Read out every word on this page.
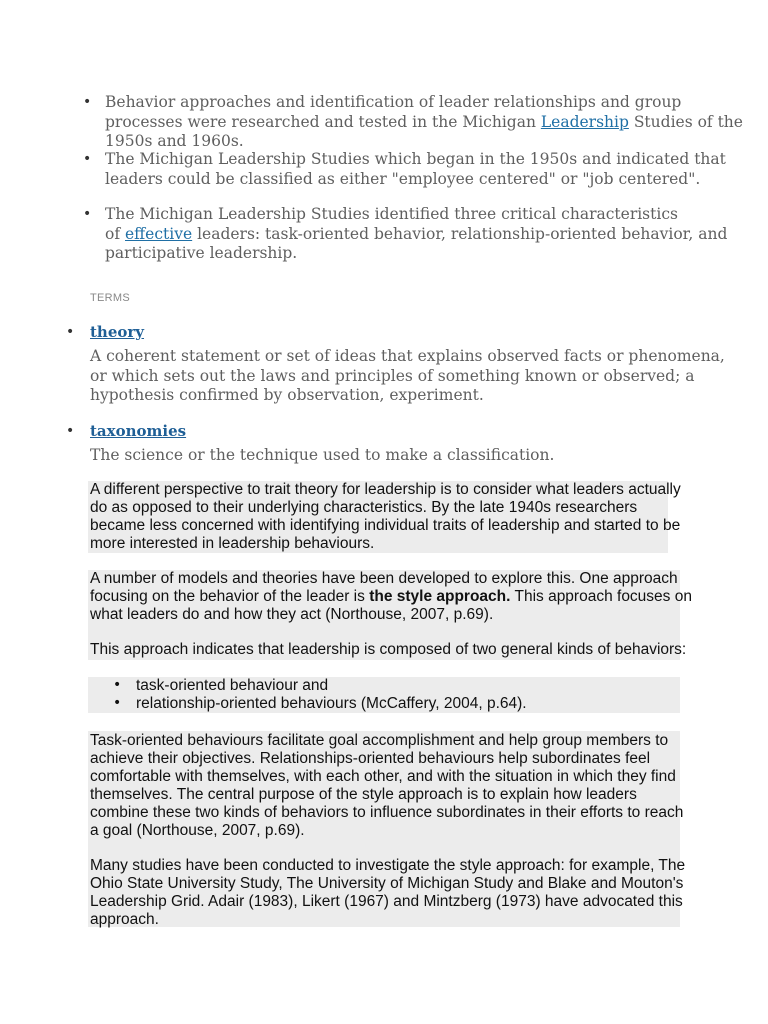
• Behavior approaches and identification of leader relationships and group
processes were researched and tested in the Michigan Leadership Studies of the
1950s and 1960s.
• The Michigan Leadership Studies which began in the 1950s and indicated that
leaders could be classified as either "employee centered" or "job centered".
• The Michigan Leadership Studies identified three critical characteristics
of effective leaders: task-oriented behavior, relationship-oriented behavior, and
participative leadership.
TERMS
• theory
A coherent statement or set of ideas that explains observed facts or phenomena,
or which sets out the laws and principles of something known or observed; a
hypothesis confirmed by observation, experiment.
• taxonomies
The science or the technique used to make a classification.
A different perspective to trait theory for leadership is to consider what leaders actually
do as opposed to their underlying characteristics. By the late 1940s researchers
became less concerned with identifying individual traits of leadership and started to be
more interested in leadership behaviours.
A number of models and theories have been developed to explore this. One approach
focusing on the behavior of the leader is the style approach. This approach focuses on
what leaders do and how they act (Northouse, 2007, p.69).
This approach indicates that leadership is composed of two general kinds of behaviors:
• task-oriented behaviour and
• relationship-oriented behaviours (McCaffery, 2004, p.64).
Task-oriented behaviours facilitate goal accomplishment and help group members to
achieve their objectives. Relationships-oriented behaviours help subordinates feel
comfortable with themselves, with each other, and with the situation in which they find
themselves. The central purpose of the style approach is to explain how leaders
combine these two kinds of behaviors to influence subordinates in their efforts to reach
a goal (Northouse, 2007, p.69).
Many studies have been conducted to investigate the style approach: for example, The
Ohio State University Study, The University of Michigan Study and Blake and Mouton's
Leadership Grid. Adair (1983), Likert (1967) and Mintzberg (1973) have advocated this
approach.
